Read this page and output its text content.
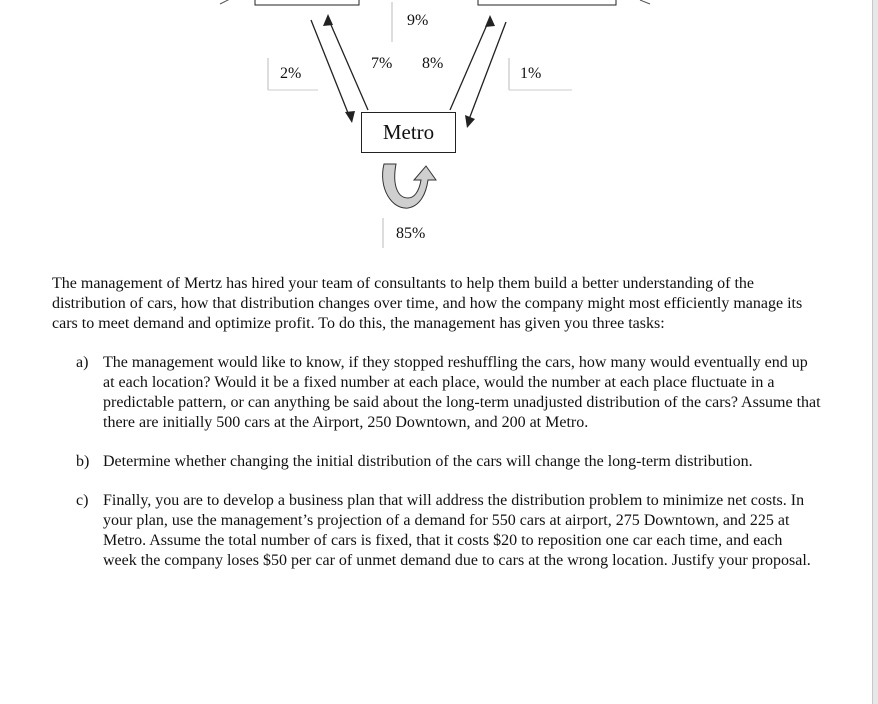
9%
2%
7% 8%
1%
85%
Metro
The management of Mertz has hired your team of consultants to help them build a better understanding of the distribution of cars, how that distribution changes over time, and how the company might most efficiently manage its cars to meet demand and optimize profit. To do this, the management has given you three tasks:
a) The management would like to know, if they stopped reshuffling the cars, how many would eventually end up at each location? Would it be a fixed number at each place, would the number at each place fluctuate in a predictable pattern, or can anything be said about the long-term unadjusted distribution of the cars? Assume that there are initially 500 cars at the Airport, 250 Downtown, and 200 at Metro.
b) Determine whether changing the initial distribution of the cars will change the long-term distribution.
c) Finally, you are to develop a business plan that will address the distribution problem to minimize net costs. In your plan, use the management’s projection of a demand for 550 cars at airport, 275 Downtown, and 225 at Metro. Assume the total number of cars is fixed, that it costs $20 to reposition one car each time, and each week the company loses $50 per car of unmet demand due to cars at the wrong location. Justify your proposal.
